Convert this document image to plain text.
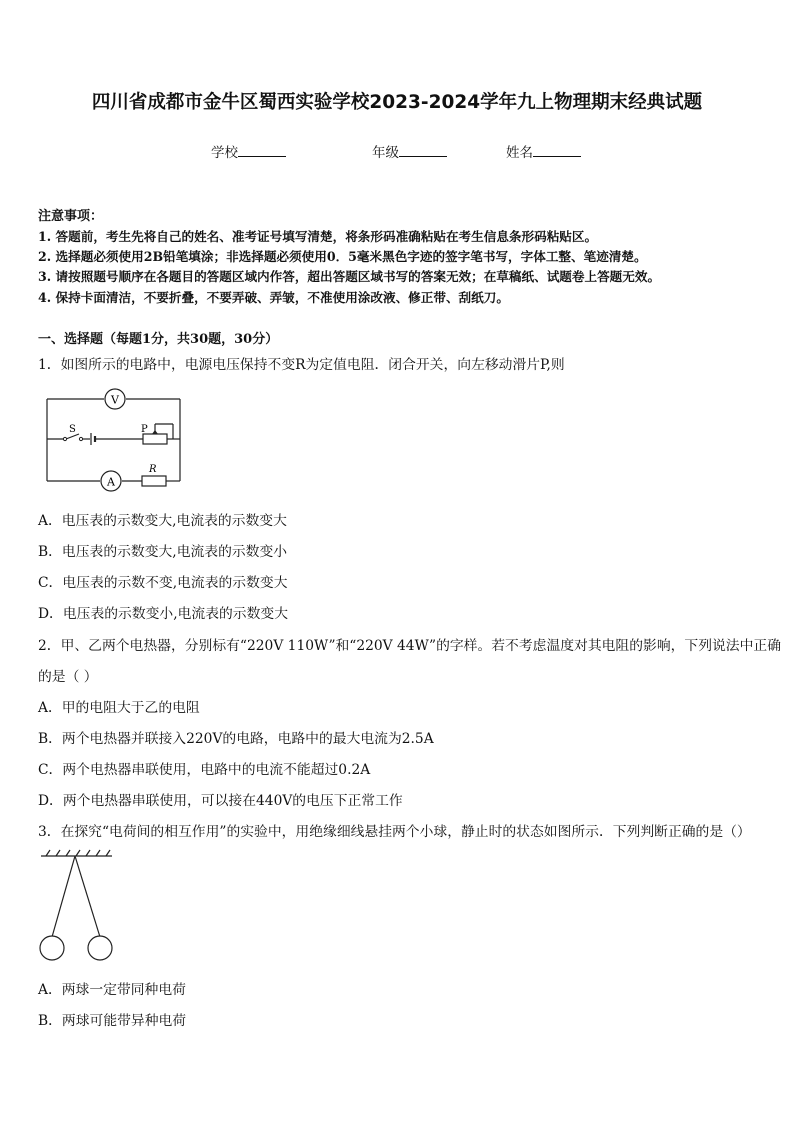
四川省成都市金牛区蜀西实验学校2023-2024学年九上物理期末经典试题
学校	年级	姓名
注意事项：
1. 答题前，考生先将自己的姓名、准考证号填写清楚，将条形码准确粘贴在考生信息条形码粘贴区。
2. 选择题必须使用2B铅笔填涂；非选择题必须使用0．5毫米黑色字迹的签字笔书写，字体工整、笔迹清楚。
3. 请按照题号顺序在各题目的答题区域内作答，超出答题区域书写的答案无效；在草稿纸、试题卷上答题无效。
4. 保持卡面清洁，不要折叠，不要弄破、弄皱，不准使用涂改液、修正带、刮纸刀。
一、选择题（每题1分，共30题，30分）
1．如图所示的电路中，电源电压保持不变R为定值电阻．闭合开关，向左移动滑片P,则
V
S	P
A
R
A．电压表的示数变大,电流表的示数变大
B．电压表的示数变大,电流表的示数变小
C．电压表的示数不变,电流表的示数变大
D．电压表的示数变小,电流表的示数变大
2．甲、乙两个电热器，分别标有“220V 110W”和“220V 44W”的字样。若不考虑温度对其电阻的影响，下列说法中正确
的是（ ）
A．甲的电阻大于乙的电阻
B．两个电热器并联接入220V的电路，电路中的最大电流为2.5A
C．两个电热器串联使用，电路中的电流不能超过0.2A
D．两个电热器串联使用，可以接在440V的电压下正常工作
3．在探究“电荷间的相互作用”的实验中，用绝缘细线悬挂两个小球，静止时的状态如图所示．下列判断正确的是（）
A．两球一定带同种电荷
B．两球可能带异种电荷
